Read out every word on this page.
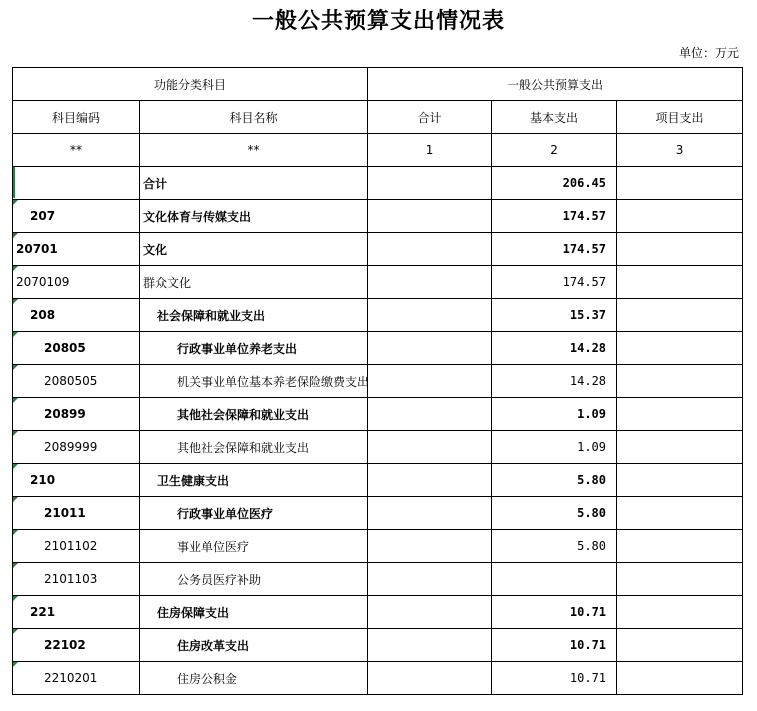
一般公共预算支出情况表
单位：万元
功能分类科目		一般公共预算支出		
科目编码	科目名称	合计	基本支出	项目支出
**	**	1	2	3

	合计		206.45	

207	文化体育与传媒支出		174.57	

20701	文化		174.57	

2070109	群众文化		174.57	

208	社会保障和就业支出		15.37	

20805	行政事业单位养老支出		14.28	

2080505	机关事业单位基本养老保险缴费支出		14.28	

20899	其他社会保障和就业支出		1.09	

2089999	其他社会保障和就业支出		1.09	

210	卫生健康支出		5.80	

21011	行政事业单位医疗		5.80	

2101102	事业单位医疗		5.80	

2101103	公务员医疗补助			

221	住房保障支出		10.71	

22102	住房改革支出		10.71	

2210201	住房公积金		10.71	
